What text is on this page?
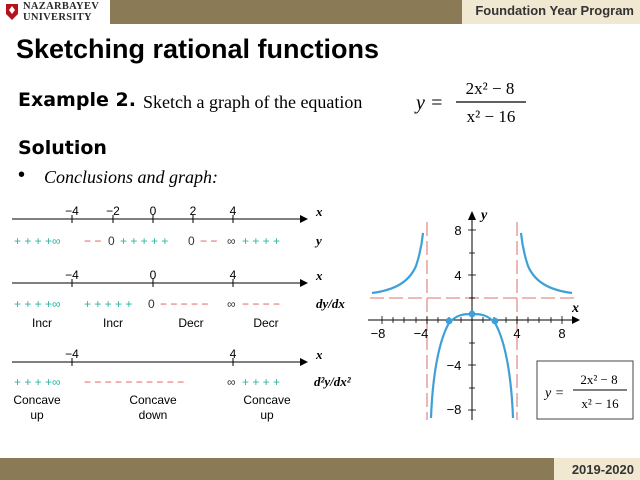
NAZARBAYEV
UNIVERSITY	Foundation Year Program
Sketching rational functions
Example 2. Sketch a graph of the equation
Solution
• Conclusions and graph:
y =
2x² − 8
x² − 16
−4 −2 0	2	4	x
+ + + +∞ − − 0 + + + + + 0 − − ∞ + + + +	y
−4	0	4	x
+ + + +∞ + + + + + 0 − − − − − ∞ − − − −	dy/dx
Incr	Incr	Decr	Decr
−4	4	x
+ + + +∞ − − − − − − − − − −	∞ + + + +	d²y/dx²
Concave
up
Concave
down
Concave
up
−8 −4	4	8
8
4
−4
−8
x
y
y =
2x² − 8
x² − 16
2019-2020
